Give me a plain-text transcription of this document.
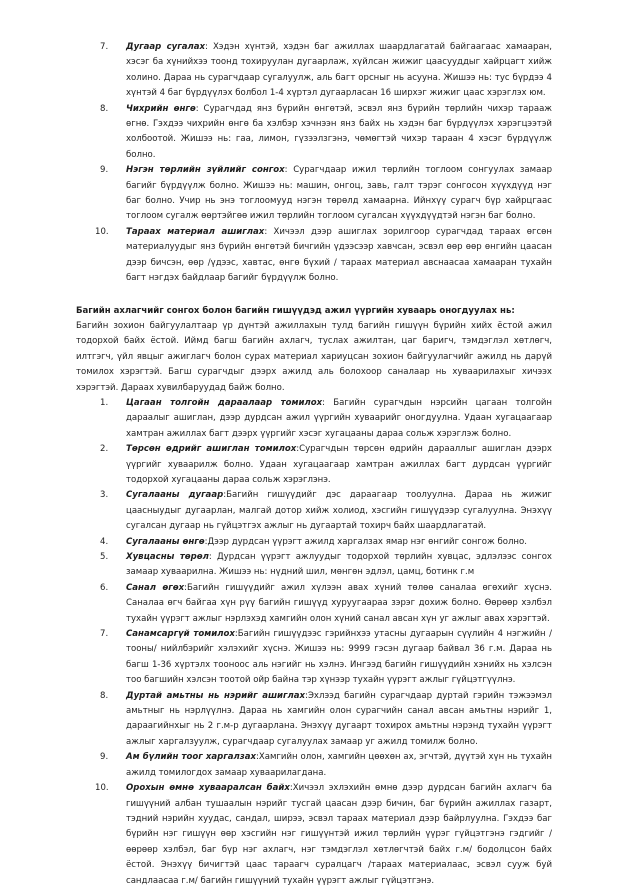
7.	Дугаар сугалах: Хэдэн хүнтэй, хэдэн баг ажиллах шаардлагатай байгаагаас хамааран, хэсэг ба хүнийхээ тоонд тохируулан дугаарлаж, хүйлсан жижиг цаасууддыг хайрцагт хийж холино. Дараа нь сурагчдаар сугалуулж, аль багт орсныг нь асууна. Жишээ нь: тус бүрдээ 4 хүнтэй 4 баг бүрдүүлэх болбол 1-4 хүртэл дугаарласан 16 ширхэг жижиг цаас хэрэглэх юм.
8.	Чихрийн өнгө: Сурагчдад янз бүрийн өнгөтэй, эсвэл янз бүрийн төрлийн чихэр тарааж өгнө. Гэхдээ чихрийн өнгө ба хэлбэр хэчнээн янз байх нь хэдэн баг бүрдүүлэх хэрэгцээтэй холбоотой. Жишээ нь: гаа, лимон, гүзээлзгэнэ, чөмөгтэй чихэр тараан 4 хэсэг бүрдүүлж болно.
9.	Нэгэн төрлийн зүйлийг сонгох: Сурагчдаар ижил төрлийн тоглоом сонгуулах замаар багийг бүрдүүлж болно. Жишээ нь: машин, онгоц, завь, галт тэрэг сонгосон хүүхдүүд нэг баг болно. Учир нь энэ тоглоомууд нэгэн төрөлд хамаарна. Ийнхүү сурагч бүр хайрцгаас тоглоом сугалж өөртэйгөө ижил төрлийн тоглоом сугалсан хүүхдүүдтэй нэгэн баг болно.
10.	Тараах материал ашиглах: Хичээл дээр ашиглах зорилгоор сурагчдад тараах өгсөн материалуудыг янз бүрийн өнгөтэй бичгийн үдээсээр хавчсан, эсвэл өөр өөр өнгийн цаасан дээр бичсэн, өөр /үдээс, хавтас, өнгө бүхий / тараах материал авснаасаа хамааран тухайн багт нэгдэх байдлаар багийг бүрдүүлж болно.
Багийн ахлагчийг сонгох болон багийн гишүүдэд ажил үүргийн хуваарь оногдуулах нь:

Багийн зохион байгуулалтаар үр дүнтэй ажиллахын тулд багийн гишүүн бүрийн хийх ёстой ажил тодорхой байх ёстой. Иймд багш багийн ахлагч, туслах ажилтан, цаг баригч, тэмдэглэл хөтлөгч, илтгэгч, үйл явцыг ажиглагч болон сурах материал хариуцсан зохион байгуулагчийг ажилд нь дарүй томилох хэрэгтэй. Багш сурагчдыг дээрх ажилд аль болохоор саналаар нь хуваарилахыг хичээх хэрэгтэй. Дараах хувилбаруудад байж болно.

1.	Цагаан толгойн дараалаар томилох: Багийн сурагчдын нэрсийн цагаан толгойн дараалыг ашиглан, дээр дурдсан ажил үүргийн хуваарийг оногдуулна. Удаан хугацаагаар хамтран ажиллах багт дээрх үүргийг хэсэг хугацааны дараа сольж хэрэглэж болно.
2.	Төрсөн өдрийг ашиглан томилох:Сурагчдын төрсөн өдрийн дарааллыг ашиглан дээрх үүргийг хуваарилж болно. Удаан хугацаагаар хамтран ажиллах багт дурдсан үүргийг тодорхой хугацааны дараа сольж хэрэглэнэ.
3.	Сугалааны дугаар:Багийн гишүүдийг дэс дараагаар тоолуулна. Дараа нь жижиг цаасныудыг дугаарлан, малгай дотор хийж холиод, хэсгийн гишүүдээр сугалуулна. Энэхүү сугалсан дугаар нь гүйцэтгэх ажлыг нь дугаартай тохирч байх шаардлагатай.
4.	Сугалааны өнгө:Дээр дурдсан үүрэгт ажилд харгалзах ямар нэг өнгийг сонгож болно.
5.	Хувцасны төрөл: Дурдсан үүрэгт ажлуудыг тодорхой төрлийн хувцас, эдлэлээс сонгох замаар хуваарилна. Жишээ нь: нүдний шил, мөнгөн эдлэл, цамц, ботинк г.м
6.	Санал өгөх:Багийн гишүүдийг ажил хүлээн авах хүний төлөө саналаа өгөхийг хүснэ. Саналаа өгч байгаа хүн рүү багийн гишүүд хуруугаараа зэрэг дохиж болно. Өөрөөр хэлбэл тухайн үүрэгт ажлыг нэрлэхэд хамгийн олон хүний санал авсан хүн уг ажлыг авах хэрэгтэй.
7.	Санамсаргүй томилох:Багийн гишүүдээс гэрийнхээ утасны дугаарын сүүлийн 4 нэгжийн /тооны/ нийлбэрийг хэлэхийг хүснэ. Жишээ нь: 9999 гэсэн дугаар байвал 36 г.м. Дараа нь багш 1-36 хүртэлх тооноос аль нэгийг нь хэлнэ. Ингээд багийн гишүүдийн хэнийх нь хэлсэн тоо багшийн хэлсэн тоотой ойр байна тэр хүнээр тухайн үүрэгт ажлыг гүйцэтгүүлнэ.
8.	Дуртай амьтны нь нэрийг ашиглах:Эхлээд багийн сурагчдаар дуртай гэрийн тэжээмэл амьтныг нь нэрлүүлнэ. Дараа нь хамгийн олон сурагчийн санал авсан амьтны нэрийг 1, дараагийнхыг нь 2 г.м-р дугаарлана. Энэхүү дугаарт тохирох амьтны нэрэнд тухайн үүрэгт ажлыг харгалзуулж, сурагчдаар сугалуулах замаар уг ажилд томилж болно.
9.	Ам бүлийн тоог харгалзах:Хамгийн олон, хамгийн цөөхөн ах, эгчтэй, дүүтэй хүн нь тухайн ажилд томилогдох замаар хуваарилагдана.
10.	Орохын өмнө хувааралсан байх:Хичээл эхлэхийн өмнө дээр дурдсан багийн ахлагч ба гишүүний албан тушаалын нэрийг тусгай цаасан дээр бичин, баг бүрийн ажиллах газарт, тэдний нэрийн хуудас, сандал, ширээ, эсвэл тараах материал дээр байрлуулна. Гэхдээ баг бүрийн нэг гишүүн өөр хэсгийн нэг гишүүнтэй ижил төрлийн үүрэг гүйцэтгэнэ гэдгийг /өөрөөр хэлбэл, баг бүр нэг ахлагч, нэг тэмдэглэл хөтлөгчтэй байх г.м/ бодолцсон байх ёстой. Энэхүү бичигтэй цаас тараагч суралцагч /тараах материалаас, эсвэл сууж буй сандлаасаа г.м/ багийн гишүүний тухайн үүрэгт ажлыг гүйцэтгэнэ.
